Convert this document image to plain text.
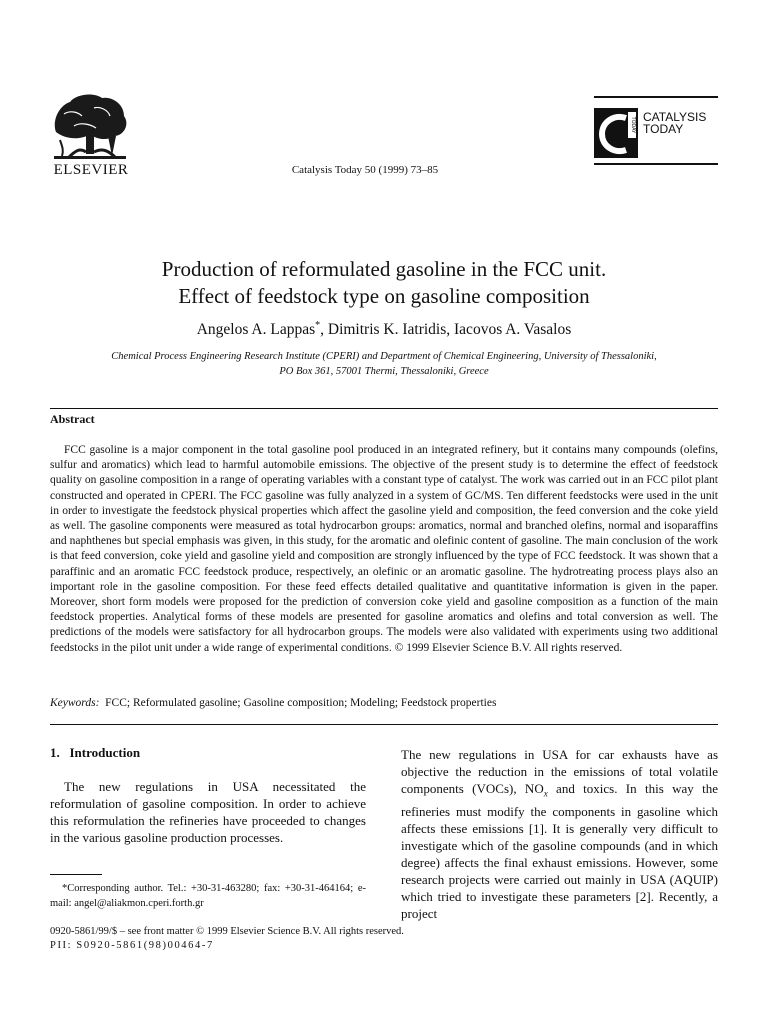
ELSEVIER	Catalysis Today 50 (1999) 73–85
TODAY CATALYSIS
TODAY
Production of reformulated gasoline in the FCC unit.
Effect of feedstock type on gasoline composition
Angelos A. Lappas*, Dimitris K. Iatridis, Iacovos A. Vasalos
Chemical Process Engineering Research Institute (CPERI) and Department of Chemical Engineering, University of Thessaloniki,
PO Box 361, 57001 Thermi, Thessaloniki, Greece
Abstract
FCC gasoline is a major component in the total gasoline pool produced in an integrated refinery, but it contains many compounds (olefins, sulfur and aromatics) which lead to harmful automobile emissions. The objective of the present study is to determine the effect of feedstock quality on gasoline composition in a range of operating variables with a constant type of catalyst. The work was carried out in an FCC pilot plant constructed and operated in CPERI. The FCC gasoline was fully analyzed in a system of GC/MS. Ten different feedstocks were used in the unit in order to investigate the feedstock physical properties which affect the gasoline yield and composition, the feed conversion and the coke yield as well. The gasoline components were measured as total hydrocarbon groups: aromatics, normal and branched olefins, normal and isoparaffins and naphthenes but special emphasis was given, in this study, for the aromatic and olefinic content of gasoline. The main conclusion of the work is that feed conversion, coke yield and gasoline yield and composition are strongly influenced by the type of FCC feedstock. It was shown that a paraffinic and an aromatic FCC feedstock produce, respectively, an olefinic or an aromatic gasoline. The hydrotreating process plays also an important role in the gasoline composition. For these feed effects detailed qualitative and quantitative information is given in the paper. Moreover, short form models were proposed for the prediction of conversion coke yield and gasoline composition as a function of the main feedstock properties. Analytical forms of these models are presented for gasoline aromatics and olefins and total conversion as well. The predictions of the models were satisfactory for all hydrocarbon groups. The models were also validated with experiments using two additional feedstocks in the pilot unit under a wide range of experimental conditions. © 1999 Elsevier Science B.V. All rights reserved.
Keywords: FCC; Reformulated gasoline; Gasoline composition; Modeling; Feedstock properties
1.   Introduction
The new regulations in USA necessitated the reformulation of gasoline composition. In order to achieve this reformulation the refineries have proceeded to changes in the various gasoline production processes.
*Corresponding author. Tel.: +30-31-463280; fax: +30-31-464164; e-mail: angel@aliakmon.cperi.forth.gr
The new regulations in USA for car exhausts have as objective the reduction in the emissions of total volatile components (VOCs), $NO_x$ and toxics. In this way the refineries must modify the components in gasoline which affects these emissions [1]. It is generally very difficult to investigate which of the gasoline compounds (and in which degree) affects the final exhaust emissions. However, some research projects were carried out mainly in USA (AQUIP) which tried to investigate these parameters [2]. Recently, a project
0920-5861/99/$ – see front matter © 1999 Elsevier Science B.V. All rights reserved.
PII: S0920-5861(98)00464-7
